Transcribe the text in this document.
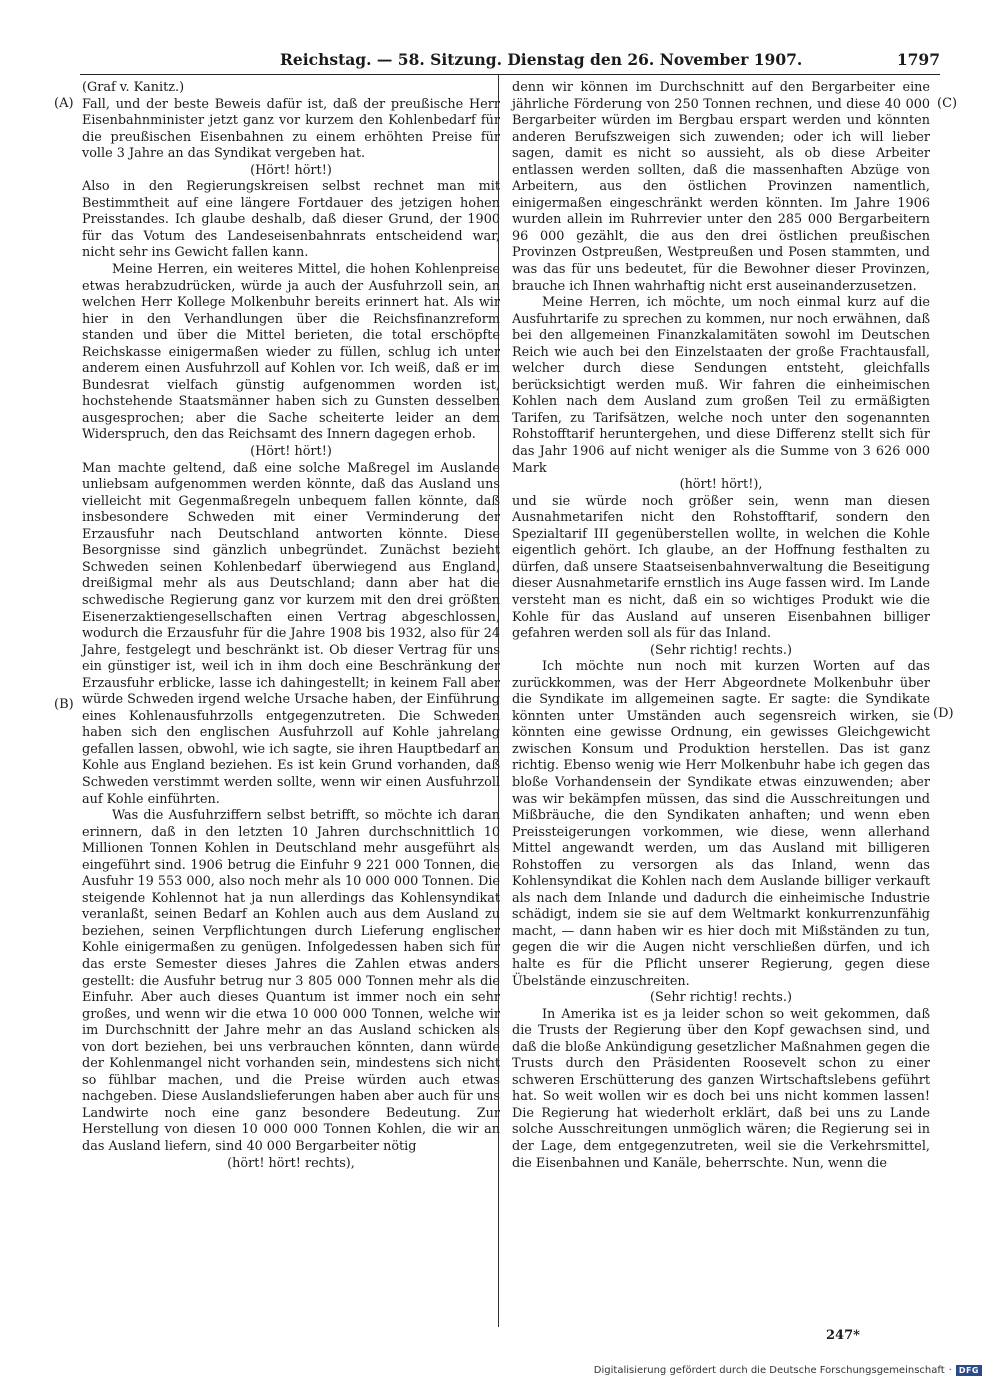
Reichstag. — 58. Sitzung. Dienstag den 26. November 1907.	1797
(A)
(B)
(C)
(D)

(Graf v. Kanitz.)

Fall, und der beste Beweis dafür ist, daß der preußische Herr Eisenbahnminister jetzt ganz vor kurzem den Kohlenbedarf für die preußischen Eisenbahnen zu einem erhöhten Preise für volle 3 Jahre an das Syndikat vergeben hat.

(Hört! hört!)

Also in den Regierungskreisen selbst rechnet man mit Bestimmtheit auf eine längere Fortdauer des jetzigen hohen Preisstandes. Ich glaube deshalb, daß dieser Grund, der 1900 für das Votum des Landeseisenbahnrats entscheidend war, nicht sehr ins Gewicht fallen kann.

Meine Herren, ein weiteres Mittel, die hohen Kohlenpreise etwas herabzudrücken, würde ja auch der Ausfuhrzoll sein, an welchen Herr Kollege Molkenbuhr bereits erinnert hat. Als wir hier in den Verhandlungen über die Reichsfinanzreform standen und über die Mittel berieten, die total erschöpfte Reichskasse einigermaßen wieder zu füllen, schlug ich unter anderem einen Ausfuhrzoll auf Kohlen vor. Ich weiß, daß er im Bundesrat vielfach günstig aufgenommen worden ist, hochstehende Staatsmänner haben sich zu Gunsten desselben ausgesprochen; aber die Sache scheiterte leider an dem Widerspruch, den das Reichsamt des Innern dagegen erhob.

(Hört! hört!)

Man machte geltend, daß eine solche Maßregel im Auslande unliebsam aufgenommen werden könnte, daß das Ausland uns vielleicht mit Gegenmaßregeln unbequem fallen könnte, daß insbesondere Schweden mit einer Verminderung der Erzausfuhr nach Deutschland antworten könnte. Diese Besorgnisse sind gänzlich unbegründet. Zunächst bezieht Schweden seinen Kohlenbedarf überwiegend aus England, dreißigmal mehr als aus Deutschland; dann aber hat die schwedische Regierung ganz vor kurzem mit den drei größten Eisenerzaktiengesellschaften einen Vertrag abgeschlossen, wodurch die Erzausfuhr für die Jahre 1908 bis 1932, also für 24 Jahre, festgelegt und beschränkt ist. Ob dieser Vertrag für uns ein günstiger ist, weil ich in ihm doch eine Beschränkung der Erzausfuhr erblicke, lasse ich dahingestellt; in keinem Fall aber würde Schweden irgend welche Ursache haben, der Einführung eines Kohlenausfuhrzolls entgegenzutreten. Die Schweden haben sich den englischen Ausfuhrzoll auf Kohle jahrelang gefallen lassen, obwohl, wie ich sagte, sie ihren Hauptbedarf an Kohle aus England beziehen. Es ist kein Grund vorhanden, daß Schweden verstimmt werden sollte, wenn wir einen Ausfuhrzoll auf Kohle einführten.

Was die Ausfuhrziffern selbst betrifft, so möchte ich daran erinnern, daß in den letzten 10 Jahren durchschnittlich 10 Millionen Tonnen Kohlen in Deutschland mehr ausgeführt als eingeführt sind. 1906 betrug die Einfuhr 9 221 000 Tonnen, die Ausfuhr 19 553 000, also noch mehr als 10 000 000 Tonnen. Die steigende Kohlennot hat ja nun allerdings das Kohlensyndikat veranlaßt, seinen Bedarf an Kohlen auch aus dem Ausland zu beziehen, seinen Verpflichtungen durch Lieferung englischer Kohle einigermaßen zu genügen. Infolgedessen haben sich für das erste Semester dieses Jahres die Zahlen etwas anders gestellt: die Ausfuhr betrug nur 3 805 000 Tonnen mehr als die Einfuhr. Aber auch dieses Quantum ist immer noch ein sehr großes, und wenn wir die etwa 10 000 000 Tonnen, welche wir im Durchschnitt der Jahre mehr an das Ausland schicken als von dort beziehen, bei uns verbrauchen könnten, dann würde der Kohlenmangel nicht vorhanden sein, mindestens sich nicht so fühlbar machen, und die Preise würden auch etwas nachgeben. Diese Auslandslieferungen haben aber auch für uns Landwirte noch eine ganz besondere Bedeutung. Zur Herstellung von diesen 10 000 000 Tonnen Kohlen, die wir an das Ausland liefern, sind 40 000 Bergarbeiter nötig

(hört! hört! rechts),

denn wir können im Durchschnitt auf den Bergarbeiter eine jährliche Förderung von 250 Tonnen rechnen, und diese 40 000 Bergarbeiter würden im Bergbau erspart werden und könnten anderen Berufszweigen sich zuwenden; oder ich will lieber sagen, damit es nicht so aussieht, als ob diese Arbeiter entlassen werden sollten, daß die massenhaften Abzüge von Arbeitern, aus den östlichen Provinzen namentlich, einigermaßen eingeschränkt werden könnten. Im Jahre 1906 wurden allein im Ruhrrevier unter den 285 000 Bergarbeitern 96 000 gezählt, die aus den drei östlichen preußischen Provinzen Ostpreußen, Westpreußen und Posen stammten, und was das für uns bedeutet, für die Bewohner dieser Provinzen, brauche ich Ihnen wahrhaftig nicht erst auseinanderzusetzen.

Meine Herren, ich möchte, um noch einmal kurz auf die Ausfuhrtarife zu sprechen zu kommen, nur noch erwähnen, daß bei den allgemeinen Finanzkalamitäten sowohl im Deutschen Reich wie auch bei den Einzelstaaten der große Frachtausfall, welcher durch diese Sendungen entsteht, gleichfalls berücksichtigt werden muß. Wir fahren die einheimischen Kohlen nach dem Ausland zum großen Teil zu ermäßigten Tarifen, zu Tarifsätzen, welche noch unter den sogenannten Rohstofftarif heruntergehen, und diese Differenz stellt sich für das Jahr 1906 auf nicht weniger als die Summe von 3 626 000 Mark

(hört! hört!),

und sie würde noch größer sein, wenn man diesen Ausnahmetarifen nicht den Rohstofftarif, sondern den Spezialtarif III gegenüberstellen wollte, in welchen die Kohle eigentlich gehört. Ich glaube, an der Hoffnung festhalten zu dürfen, daß unsere Staatseisenbahnverwaltung die Beseitigung dieser Ausnahmetarife ernstlich ins Auge fassen wird. Im Lande versteht man es nicht, daß ein so wichtiges Produkt wie die Kohle für das Ausland auf unseren Eisenbahnen billiger gefahren werden soll als für das Inland.

(Sehr richtig! rechts.)

Ich möchte nun noch mit kurzen Worten auf das zurückkommen, was der Herr Abgeordnete Molkenbuhr über die Syndikate im allgemeinen sagte. Er sagte: die Syndikate könnten unter Umständen auch segensreich wirken, sie könnten eine gewisse Ordnung, ein gewisses Gleichgewicht zwischen Konsum und Produktion herstellen. Das ist ganz richtig. Ebenso wenig wie Herr Molkenbuhr habe ich gegen das bloße Vorhandensein der Syndikate etwas einzuwenden; aber was wir bekämpfen müssen, das sind die Ausschreitungen und Mißbräuche, die den Syndikaten anhaften; und wenn eben Preissteigerungen vorkommen, wie diese, wenn allerhand Mittel angewandt werden, um das Ausland mit billigeren Rohstoffen zu versorgen als das Inland, wenn das Kohlensyndikat die Kohlen nach dem Auslande billiger verkauft als nach dem Inlande und dadurch die einheimische Industrie schädigt, indem sie sie auf dem Weltmarkt konkurrenzunfähig macht, — dann haben wir es hier doch mit Mißständen zu tun, gegen die wir die Augen nicht verschließen dürfen, und ich halte es für die Pflicht unserer Regierung, gegen diese Übelstände einzuschreiten.

(Sehr richtig! rechts.)

In Amerika ist es ja leider schon so weit gekommen, daß die Trusts der Regierung über den Kopf gewachsen sind, und daß die bloße Ankündigung gesetzlicher Maßnahmen gegen die Trusts durch den Präsidenten Roosevelt schon zu einer schweren Erschütterung des ganzen Wirtschaftslebens geführt hat. So weit wollen wir es doch bei uns nicht kommen lassen! Die Regierung hat wiederholt erklärt, daß bei uns zu Lande solche Ausschreitungen unmöglich wären; die Regierung sei in der Lage, dem entgegenzutreten, weil sie die Verkehrsmittel, die Eisenbahnen und Kanäle, beherrschte. Nun, wenn die

247*
Digitalisierung gefördert durch die Deutsche Forschungsgemeinschaft · DFG
